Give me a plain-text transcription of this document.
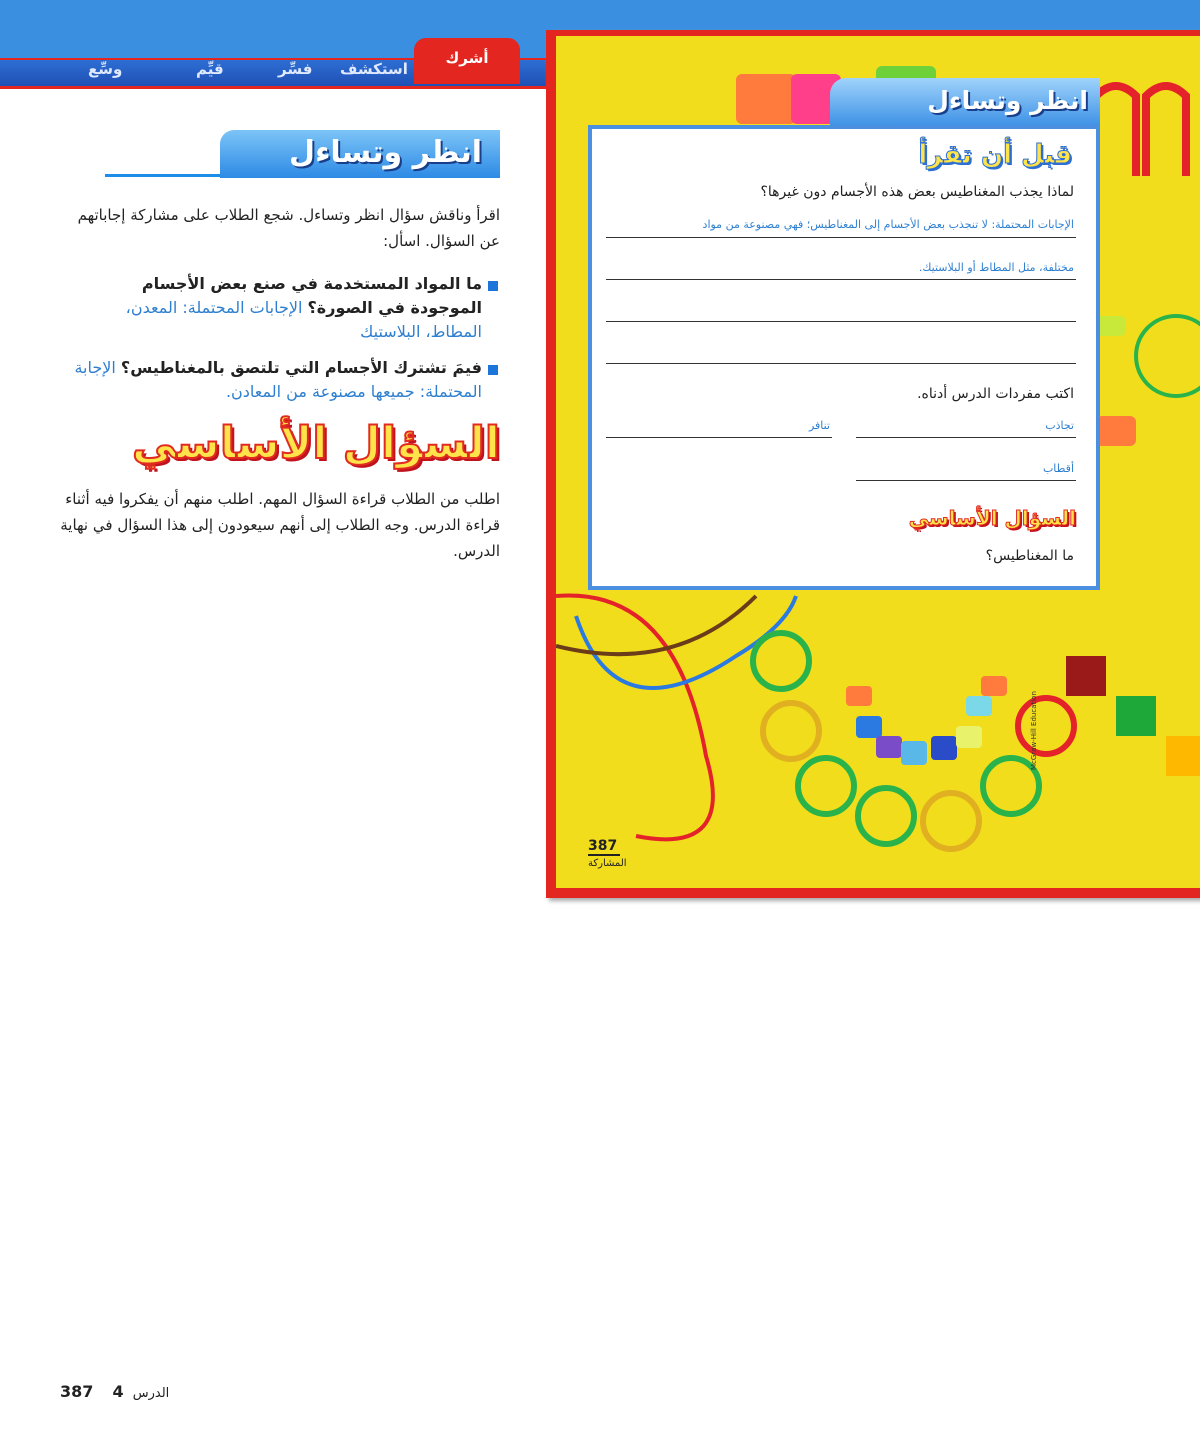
وسِّع	قيِّم	فسِّر استكشف
أشرك
انظر وتساءل
اقرأ وناقش سؤال انظر وتساءل. شجع الطلاب على مشاركة إجاباتهم عن السؤال. اسأل:
ما المواد المستخدمة في صنع بعض الأجسام الموجودة في الصورة؟ الإجابات المحتملة: المعدن، المطاط، البلاستيك
فيمَ تشترك الأجسام التي تلتصق بالمغناطيس؟ الإجابة المحتملة: جميعها مصنوعة من المعادن.
السؤال الأساسي
اطلب من الطلاب قراءة السؤال المهم. اطلب منهم أن يفكروا فيه أثناء قراءة الدرس. وجه الطلاب إلى أنهم سيعودون إلى هذا السؤال في نهاية الدرس.
انظر وتساءل
قبل أن تقرأ
لماذا يجذب المغناطيس بعض هذه الأجسام دون غيرها؟
الإجابات المحتملة: لا تنجذب بعض الأجسام إلى المغناطيس؛ فهي مصنوعة من مواد
مختلفة، مثل المطاط أو البلاستيك.
اكتب مفردات الدرس أدناه.
تجاذب
تنافر
أقطاب
السؤال الأساسي
ما المغناطيس؟
387
المشاركة
McGraw-Hill Education
387 4 الدرس
